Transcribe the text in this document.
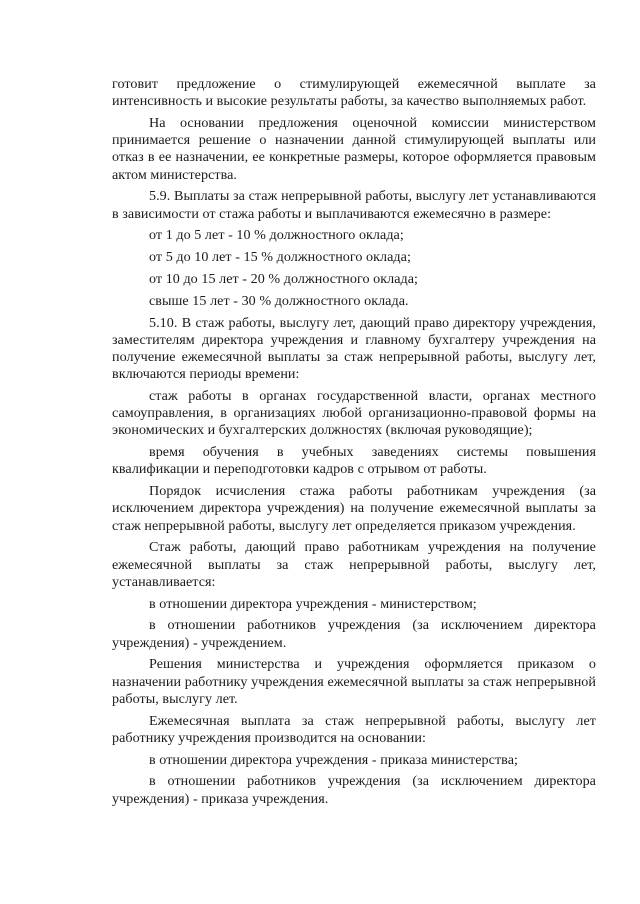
готовит предложение о стимулирующей ежемесячной выплате за интенсивность и высокие результаты работы, за качество выполняемых работ.

На основании предложения оценочной комиссии министерством принимается решение о назначении данной стимулирующей выплаты или отказ в ее назначении, ее конкретные размеры, которое оформляется правовым актом министерства.

5.9. Выплаты за стаж непрерывной работы, выслугу лет устанавливаются в зависимости от стажа работы и выплачиваются ежемесячно в размере:

от 1 до 5 лет - 10 % должностного оклада;

от 5 до 10 лет - 15 % должностного оклада;

от 10 до 15 лет - 20 % должностного оклада;

свыше 15 лет - 30 % должностного оклада.

5.10. В стаж работы, выслугу лет, дающий право директору учреждения, заместителям директора учреждения и главному бухгалтеру учреждения на получение ежемесячной выплаты за стаж непрерывной работы, выслугу лет, включаются периоды времени:

стаж работы в органах государственной власти, органах местного самоуправления, в организациях любой организационно-правовой формы на экономических и бухгалтерских должностях (включая руководящие);

время обучения в учебных заведениях системы повышения квалификации и переподготовки кадров с отрывом от работы.

Порядок исчисления стажа работы работникам учреждения (за исключением директора учреждения) на получение ежемесячной выплаты за стаж непрерывной работы, выслугу лет определяется приказом учреждения.

Стаж работы, дающий право работникам учреждения на получение ежемесячной выплаты за стаж непрерывной работы, выслугу лет, устанавливается:

в отношении директора учреждения - министерством;

в отношении работников учреждения (за исключением директора учреждения) - учреждением.

Решения министерства и учреждения оформляется приказом о назначении работнику учреждения ежемесячной выплаты за стаж непрерывной работы, выслугу лет.

Ежемесячная выплата за стаж непрерывной работы, выслугу лет работнику учреждения производится на основании:

в отношении директора учреждения - приказа министерства;

в отношении работников учреждения (за исключением директора учреждения) - приказа учреждения.
